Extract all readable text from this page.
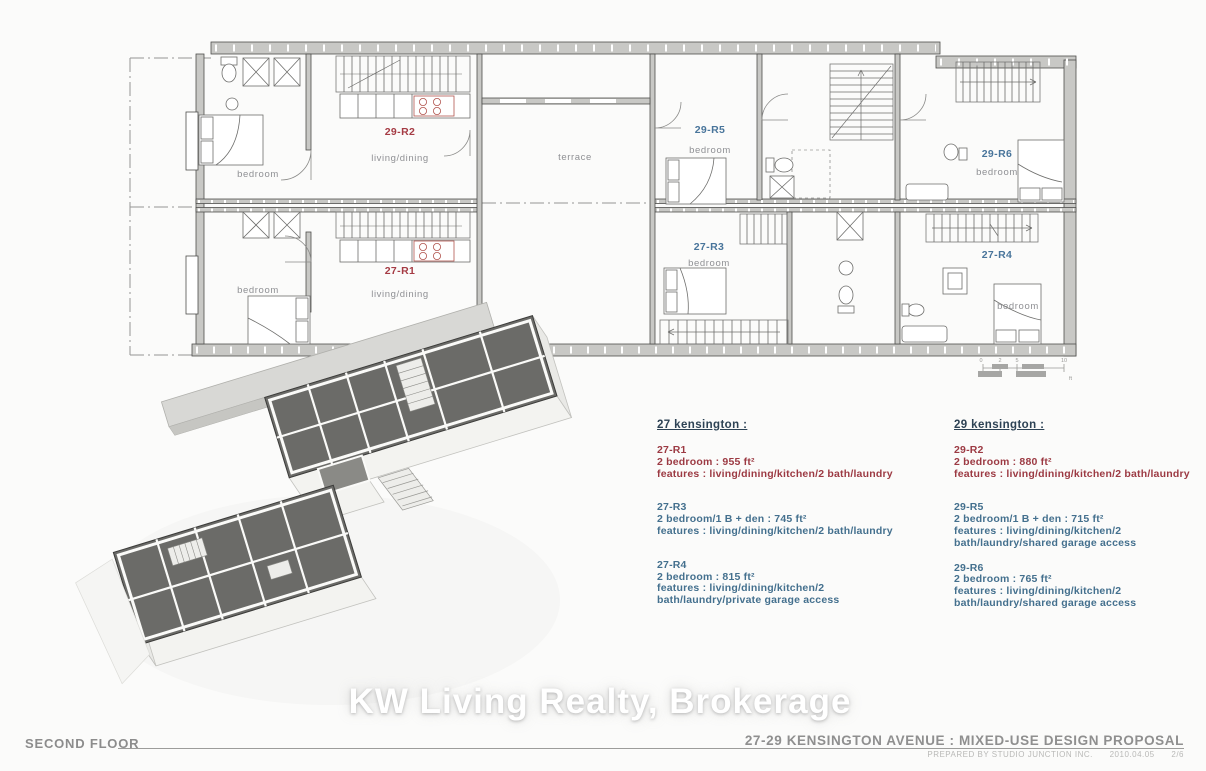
29-R2
living/dining
bedroom
terrace
29-R5
bedroom	29-R6
bedroom
27-R1
living/dining
bedroom
27-R3
bedroom
27-R4
bedroom
0	2	5	10
ft
27 kensington :
27-R1
2 bedroom : 955 ft²
features : living/dining/kitchen/2 bath/laundry
27-R3
2 bedroom/1 B + den : 745 ft²
features : living/dining/kitchen/2 bath/laundry
27-R4
2 bedroom : 815 ft²
features : living/dining/kitchen/2
bath/laundry/private garage access
29 kensington :
29-R2
2 bedroom : 880 ft²
features : living/dining/kitchen/2 bath/laundry
29-R5
2 bedroom/1 B + den : 715 ft²
features : living/dining/kitchen/2
bath/laundry/shared garage access
29-R6
2 bedroom : 765 ft²
features : living/dining/kitchen/2
bath/laundry/shared garage access
KW Living Realty, Brokerage
SECOND FLOOR	27-29 KENSINGTON AVENUE : MIXED-USE DESIGN PROPOSAL
PREPARED BY STUDIO JUNCTION INC. 2010.04.05 2/6
